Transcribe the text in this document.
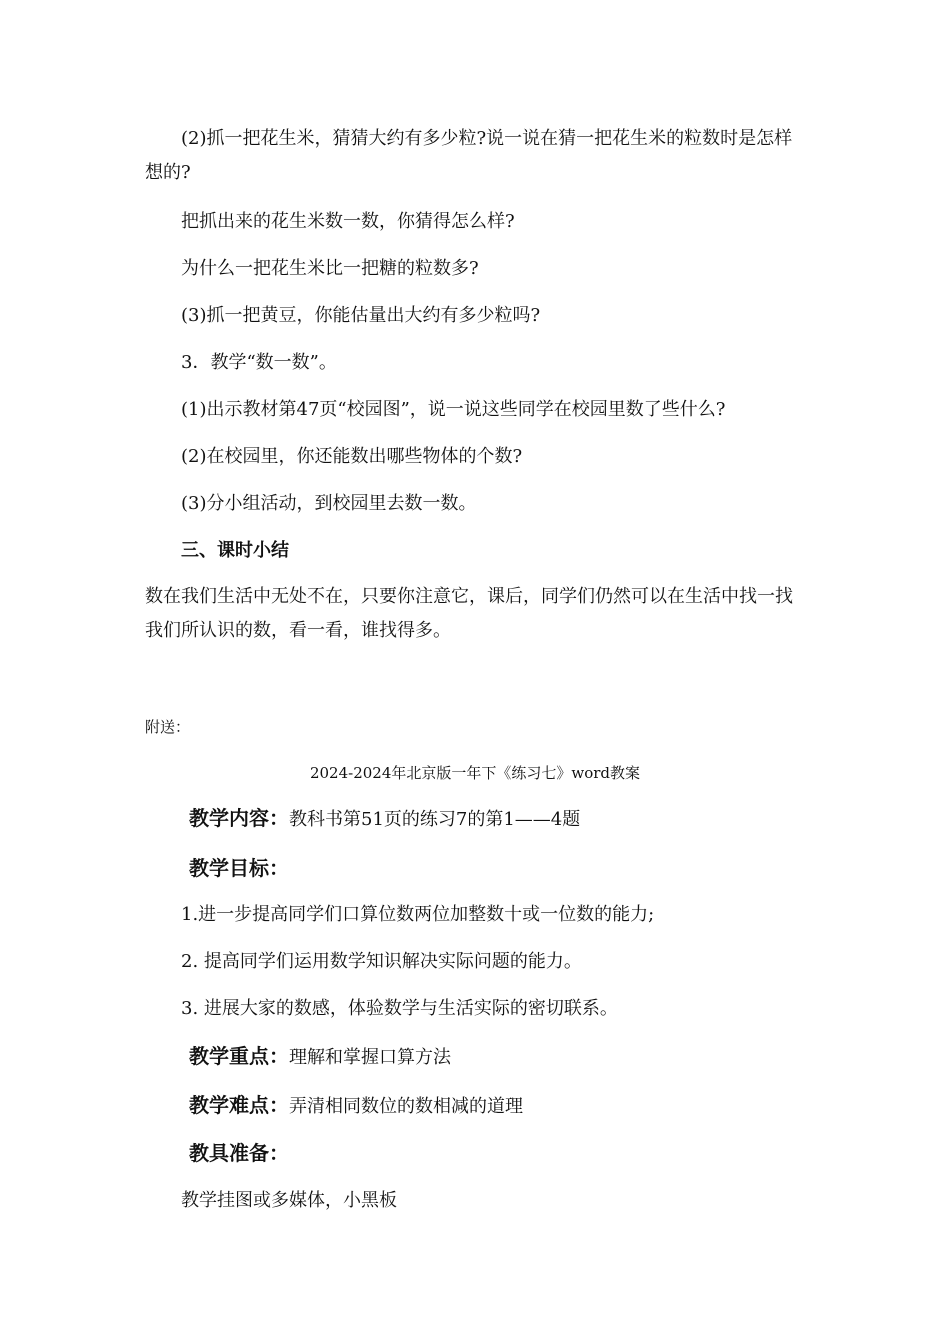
(2)抓一把花生米，猜猜大约有多少粒?说一说在猜一把花生米的粒数时是怎样想的?

把抓出来的花生米数一数，你猜得怎么样?

为什么一把花生米比一把糖的粒数多?

(3)抓一把黄豆，你能估量出大约有多少粒吗?

3．教学“数一数”。

(1)出示教材第47页“校园图”，说一说这些同学在校园里数了些什么?

(2)在校园里，你还能数出哪些物体的个数?

(3)分小组活动，到校园里去数一数。

三、课时小结

数在我们生活中无处不在，只要你注意它，课后，同学们仍然可以在生活中找一找我们所认识的数，看一看，谁找得多。

附送：

2024-2024年北京版一年下《练习七》word教案

教学内容：教科书第51页的练习7的第1——4题

教学目标：

1.进一步提高同学们口算位数两位加整数十或一位数的能力;

2. 提高同学们运用数学知识解决实际问题的能力。

3. 进展大家的数感，体验数学与生活实际的密切联系。

教学重点：理解和掌握口算方法

教学难点：弄清相同数位的数相减的道理

教具准备：

教学挂图或多媒体，小黑板
